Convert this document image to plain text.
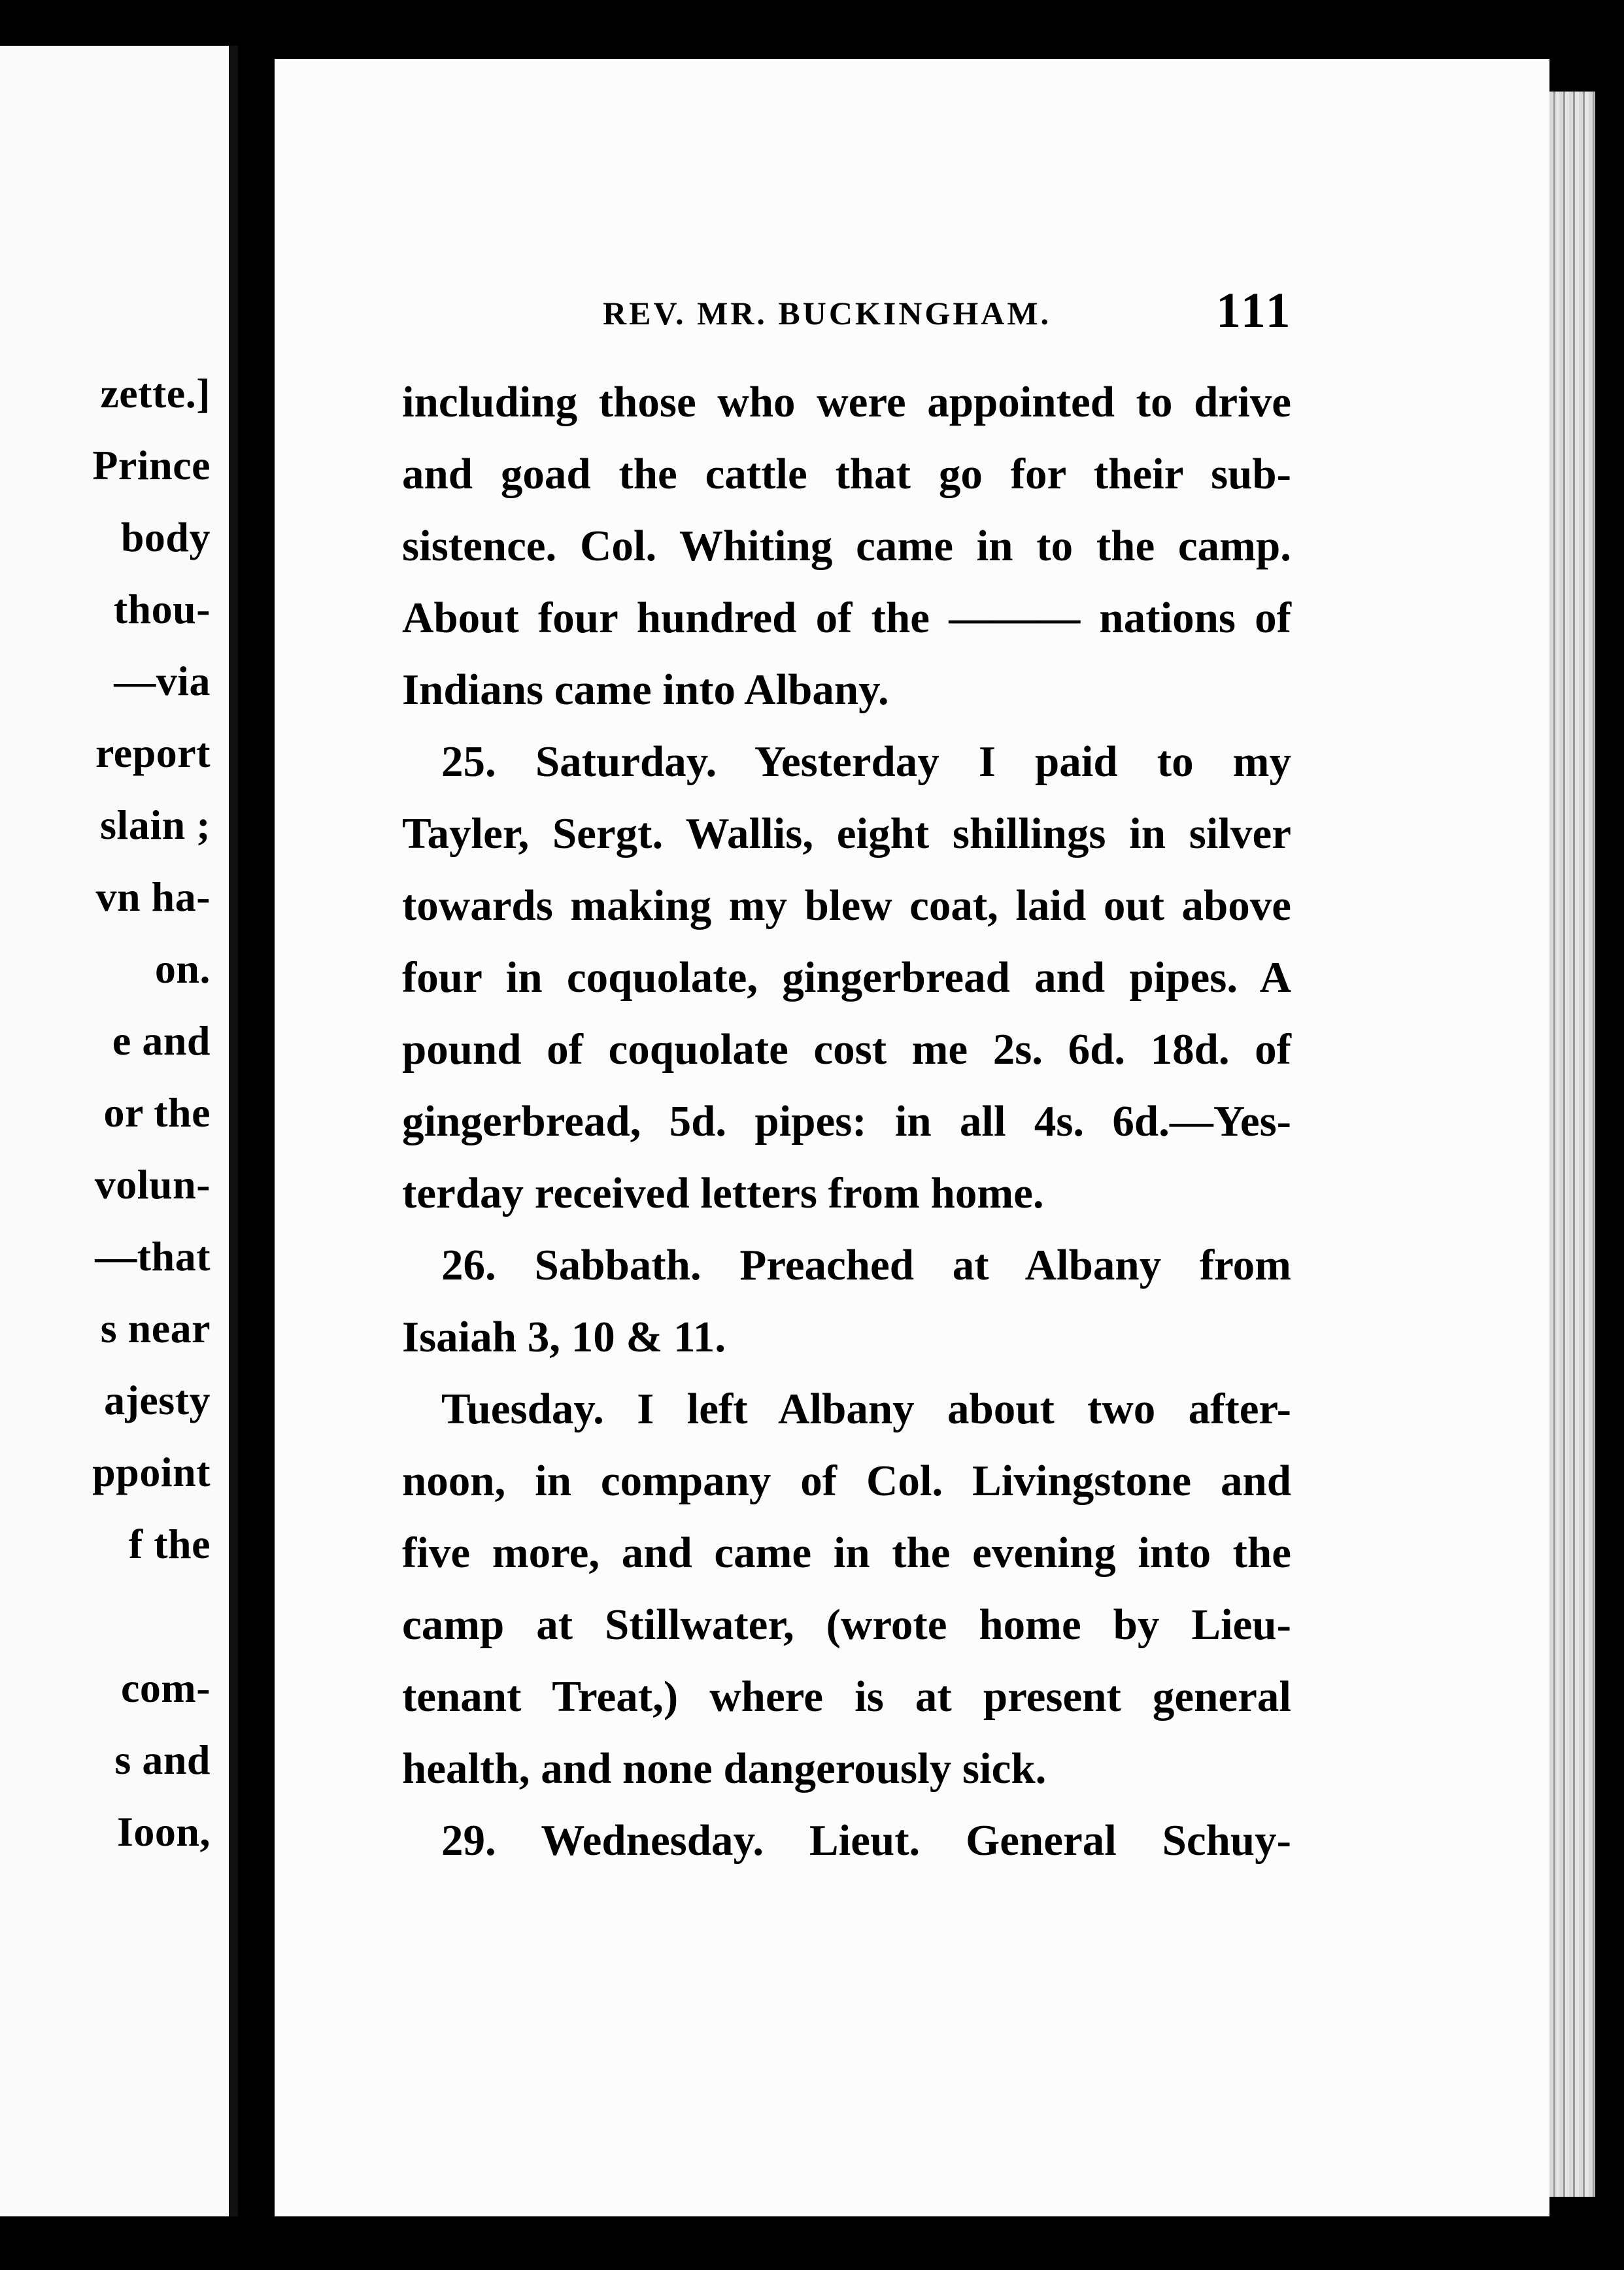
zette.]
Prince
body
thou-
—via
report
slain ;
vn ha-
on.
e and
or the
volun-
—that
s near
ajesty
ppoint
f the
com-
s and
Ioon,
REV. MR. BUCKINGHAM.	111
including those who were appointed to drive
and goad the cattle that go for their sub-
sistence. Col. Whiting came in to the camp.
About four hundred of the ——— nations of
Indians came into Albany.
25. Saturday. Yesterday I paid to my
Tayler, Sergt. Wallis, eight shillings in silver
towards making my blew coat, laid out above
four in coquolate, gingerbread and pipes. A
pound of coquolate cost me 2s. 6d. 18d. of
gingerbread, 5d. pipes: in all 4s. 6d.—Yes-
terday received letters from home.
26. Sabbath. Preached at Albany from
Isaiah 3, 10 & 11.
Tuesday. I left Albany about two after-
noon, in company of Col. Livingstone and
five more, and came in the evening into the
camp at Stillwater, (wrote home by Lieu-
tenant Treat,) where is at present general
health, and none dangerously sick.
29. Wednesday. Lieut. General Schuy-
